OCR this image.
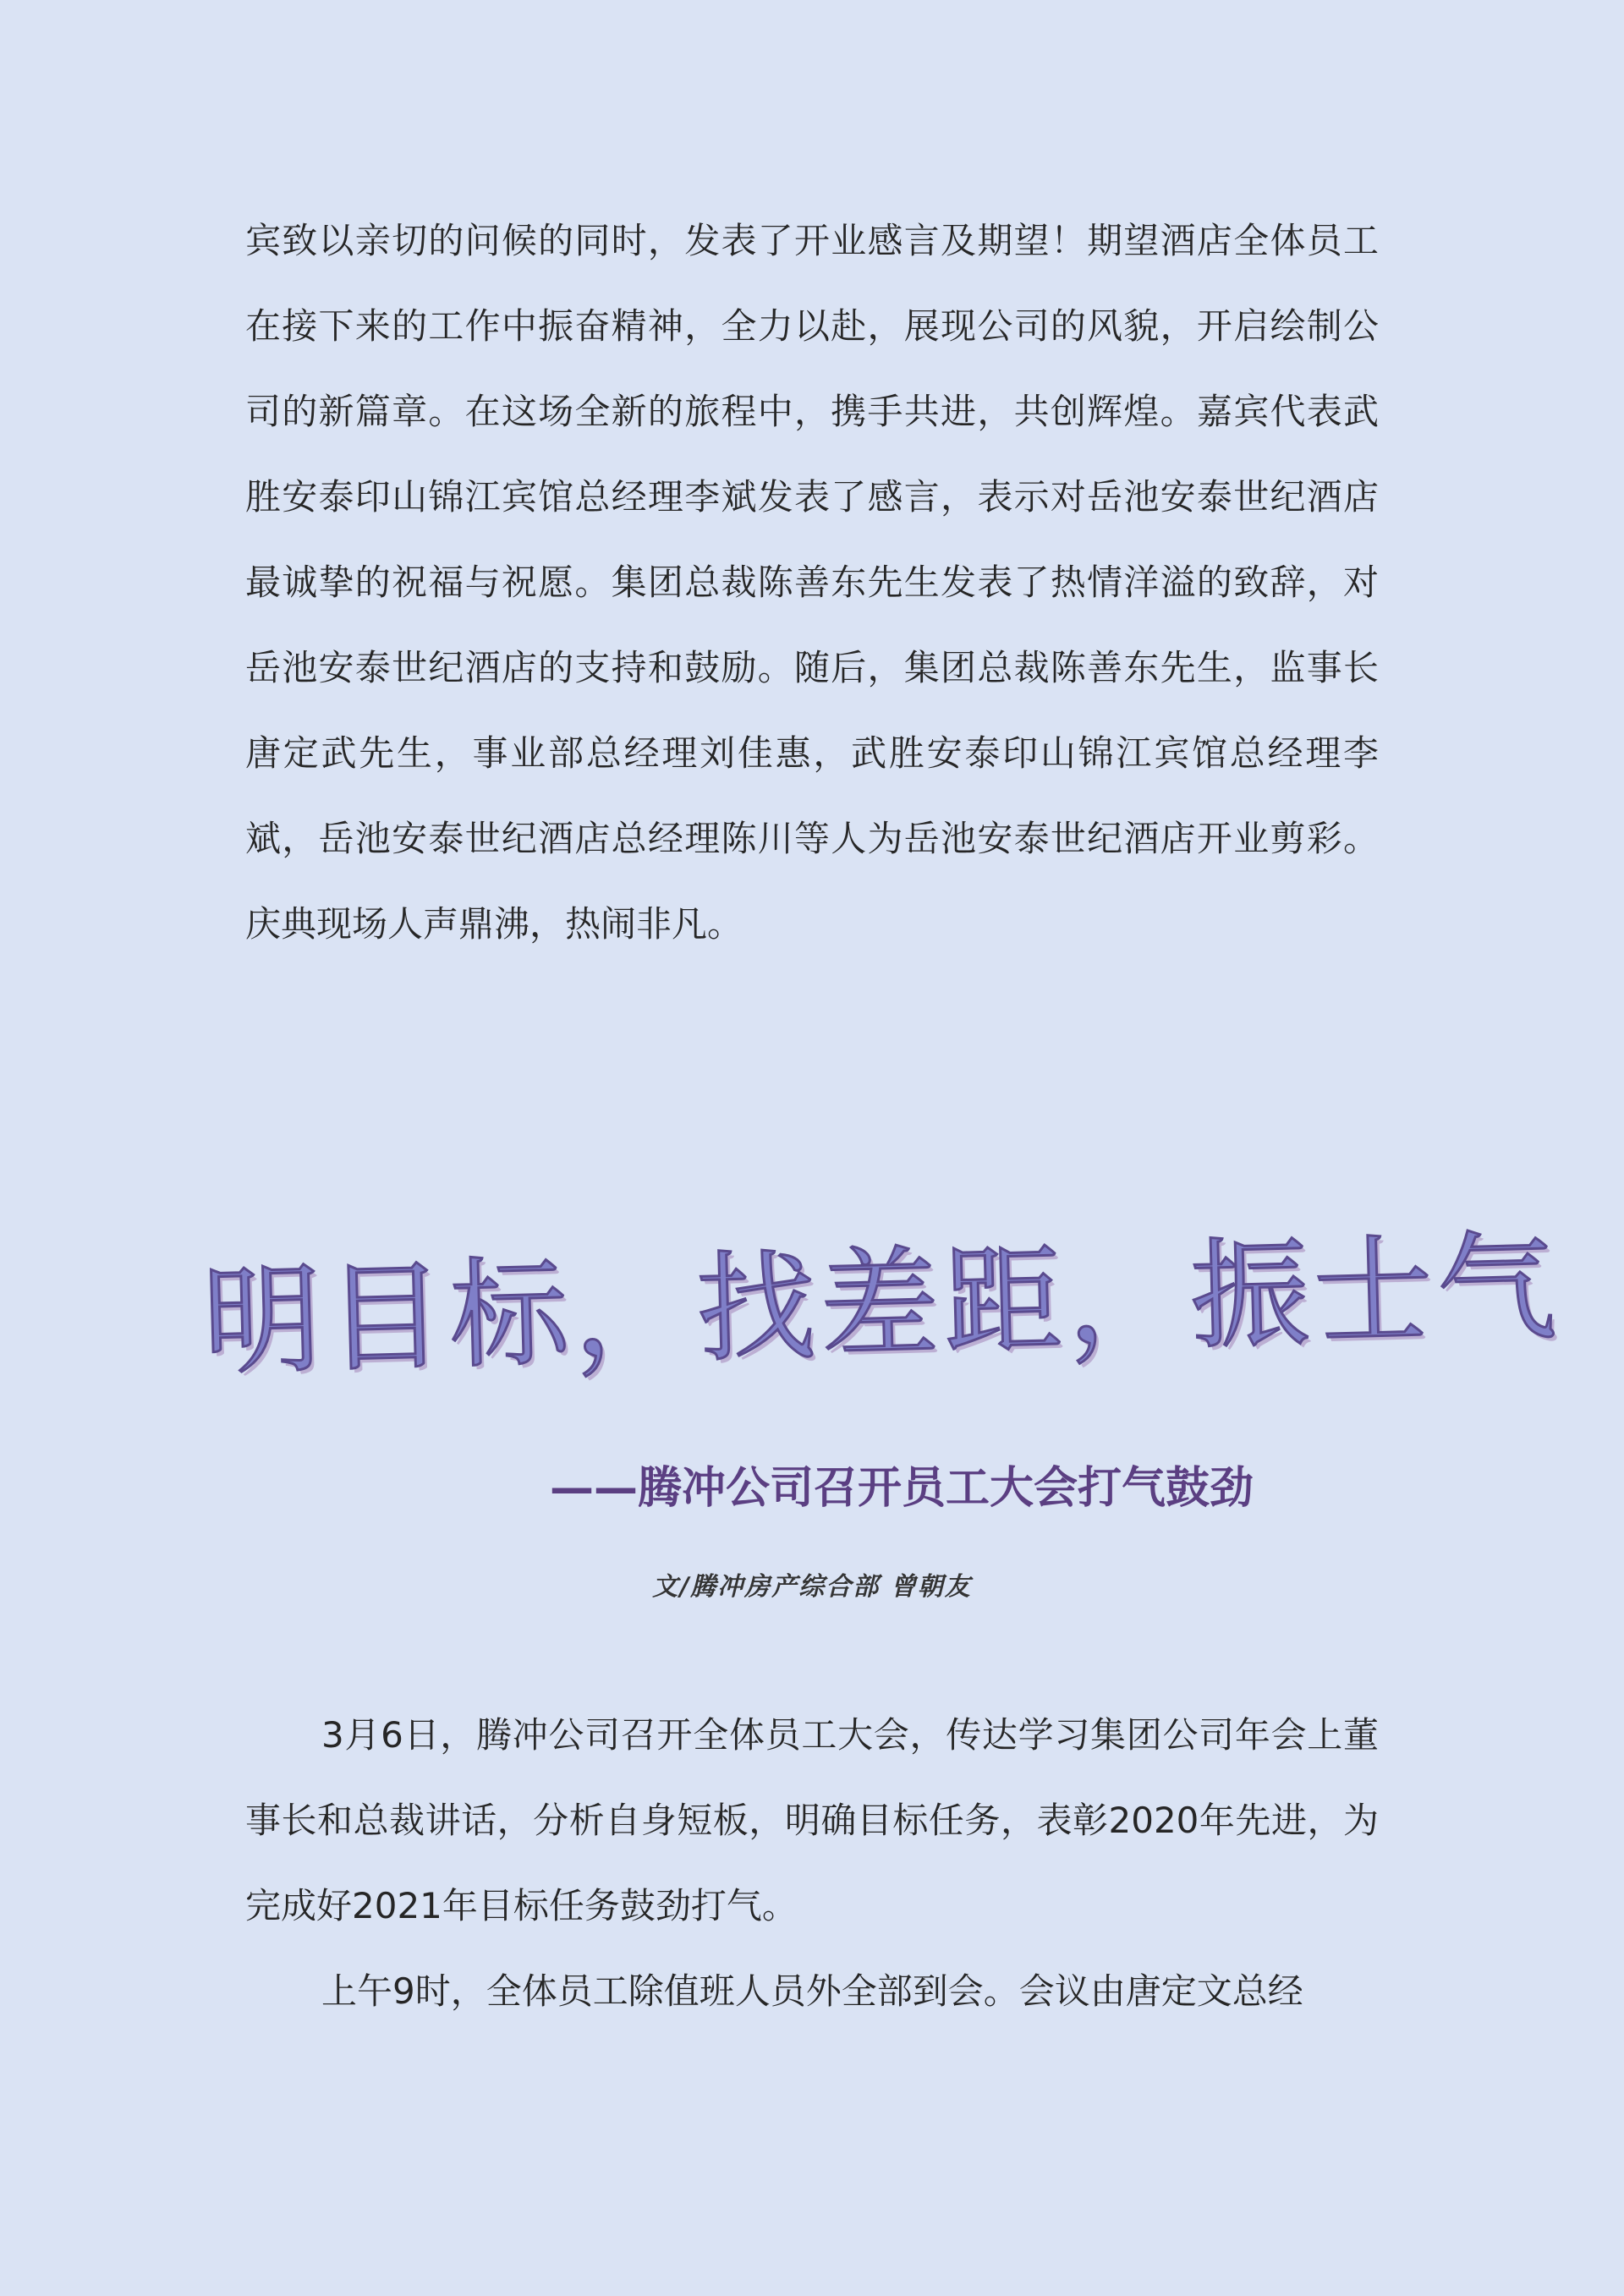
宾致以亲切的问候的同时，发表了开业感言及期望！期望酒店全体员工在接下来的工作中振奋精神，全力以赴，展现公司的风貌，开启绘制公司的新篇章。在这场全新的旅程中，携手共进，共创辉煌。嘉宾代表武胜安泰印山锦江宾馆总经理李斌发表了感言，表示对岳池安泰世纪酒店最诚挚的祝福与祝愿。集团总裁陈善东先生发表了热情洋溢的致辞，对岳池安泰世纪酒店的支持和鼓励。随后，集团总裁陈善东先生，监事长唐定武先生，事业部总经理刘佳惠，武胜安泰印山锦江宾馆总经理李斌，岳池安泰世纪酒店总经理陈川等人为岳池安泰世纪酒店开业剪彩。庆典现场人声鼎沸，热闹非凡。

明目标，找差距，振士气
——腾冲公司召开员工大会打气鼓劲
文/腾冲房产综合部 曾朝友

3月6日，腾冲公司召开全体员工大会，传达学习集团公司年会上董事长和总裁讲话，分析自身短板，明确目标任务，表彰2020年先进，为完成好2021年目标任务鼓劲打气。

上午9时，全体员工除值班人员外全部到会。会议由唐定文总经
